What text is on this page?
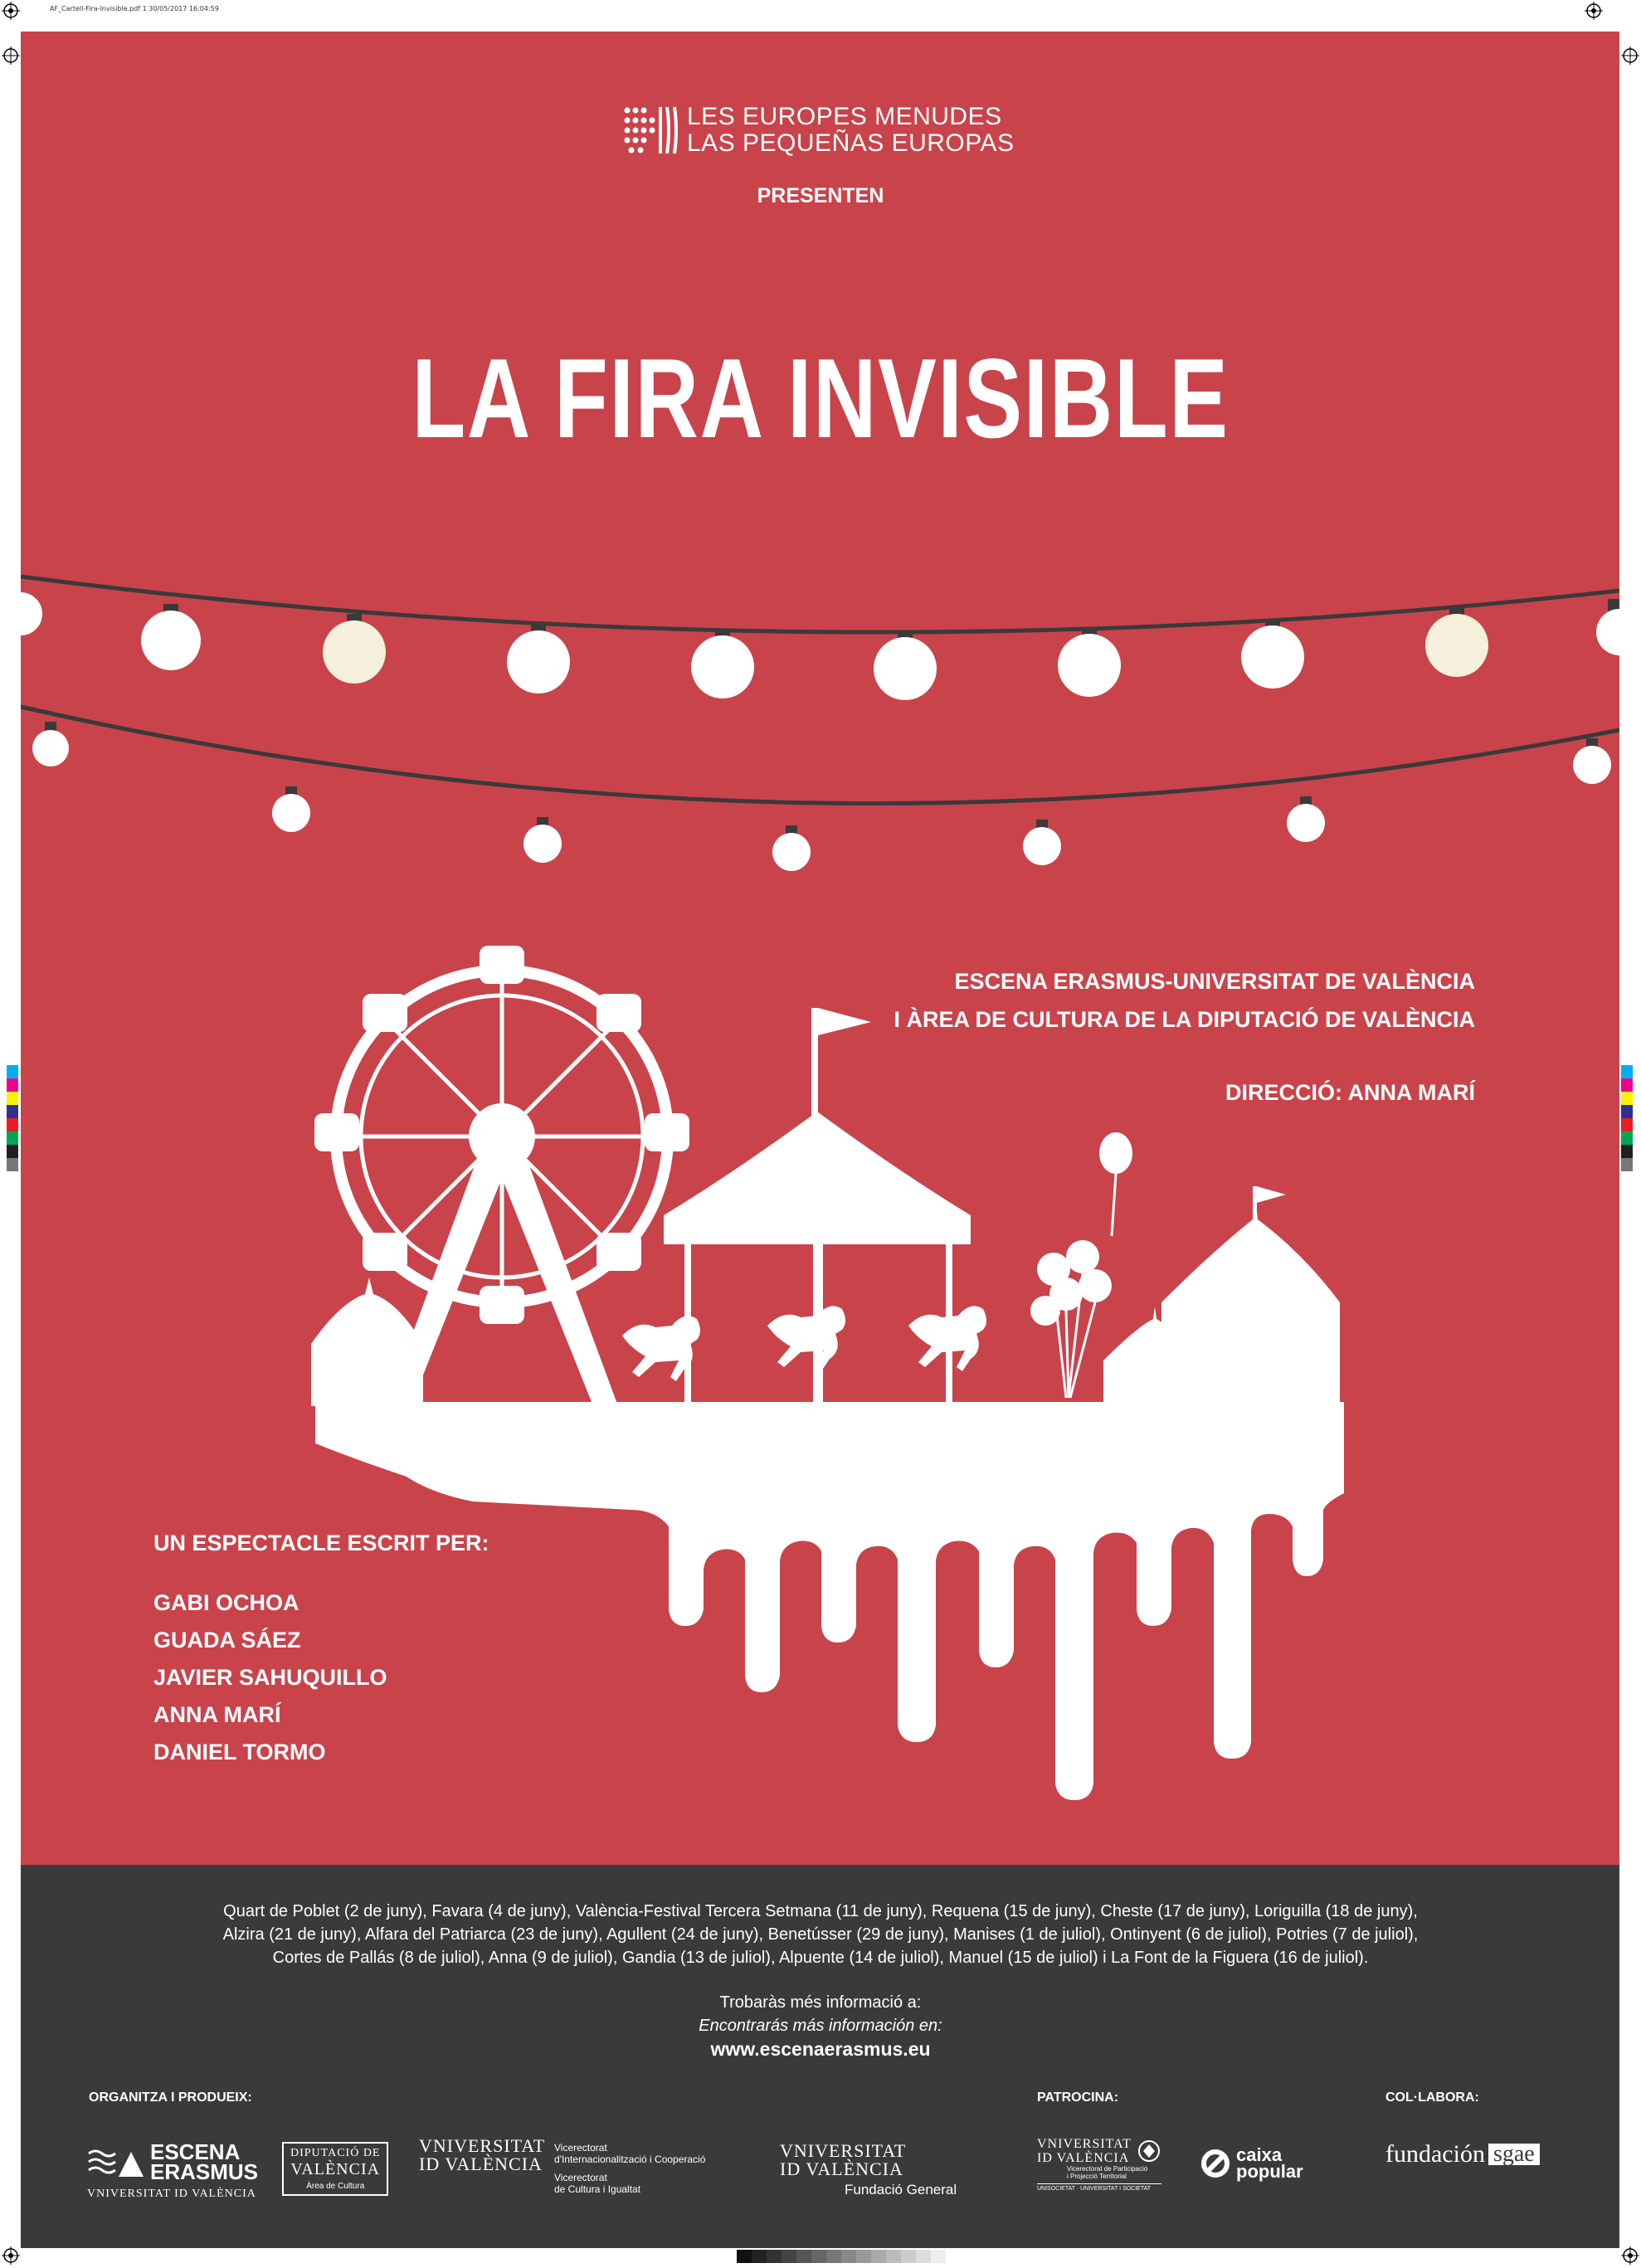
AF_Cartell-Fira-Invisible.pdf 1 30/05/2017 16:04:59
LES EUROPES MENUDES
LAS PEQUEÑAS EUROPAS
PRESENTEN
LA FIRA INVISIBLE
ESCENA ERASMUS-UNIVERSITAT DE VALÈNCIA
I ÀREA DE CULTURA DE LA DIPUTACIÓ DE VALÈNCIA
DIRECCIÓ: ANNA MARÍ
UN ESPECTACLE ESCRIT PER:
GABI OCHOA
GUADA SÁEZ
JAVIER SAHUQUILLO
ANNA MARÍ
DANIEL TORMO
Quart de Poblet (2 de juny), Favara (4 de juny), València-Festival Tercera Setmana (11 de juny), Requena (15 de juny), Cheste (17 de juny), Loriguilla (18 de juny),
Alzira (21 de juny), Alfara del Patriarca (23 de juny), Agullent (24 de juny), Benetússer (29 de juny), Manises (1 de juliol), Ontinyent (6 de juliol), Potries (7 de juliol),
Cortes de Pallás (8 de juliol), Anna (9 de juliol), Gandia (13 de juliol), Alpuente (14 de juliol), Manuel (15 de juliol) i La Font de la Figuera (16 de juliol).
Trobaràs més informació a:
Encontrarás más información en:
www.escenaerasmus.eu
ORGANITZA I PRODUEIX:	PATROCINA:	COL·LABORA:
ESCENA
ERASMUS
VNIVERSITAT ID VALÈNCIA
DIPUTACIÓ DE
VALÈNCIA
Àrea de Cultura
VNIVERSITAT
ID VALÈNCIA
Vicerectorat
d'Internacionalització i Cooperació
Vicerectorat
de Cultura i Igualtat
VNIVERSITAT
ID VALÈNCIA
Fundació General
VNIVERSITAT
ID VALÈNCIA
Vicerectorat de Participació
i Projecció Territorial
UNISOCIETAT · UNIVERSITAT I SOCIETAT
caixa
popular
fundación sgae
